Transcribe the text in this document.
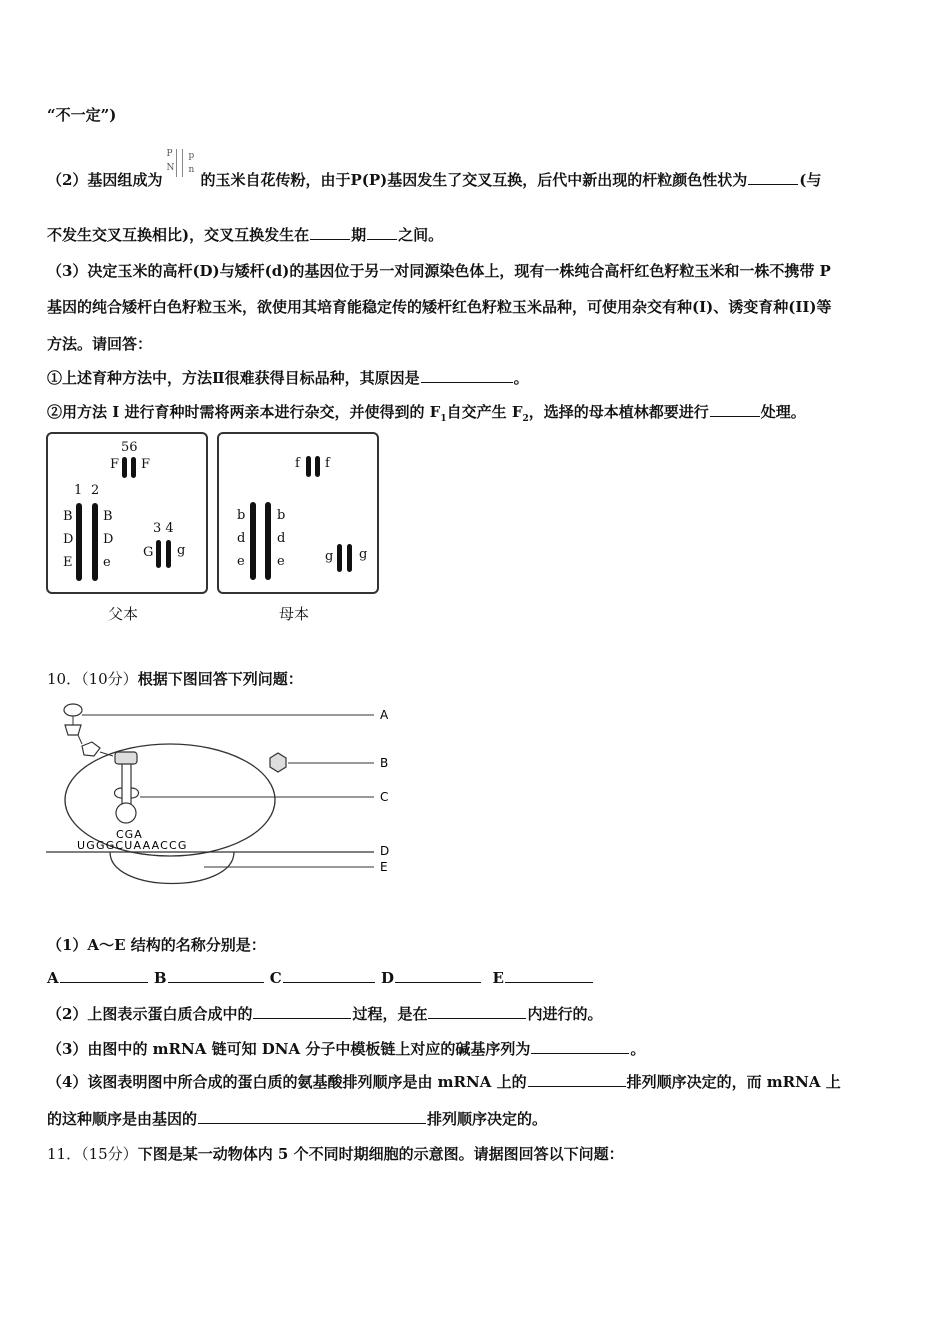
“不一定”)
（2）基因组成为
P
N
p
n
的玉米自花传粉，由于P(P)基因发生了交叉互换，后代中新出现的杆粒颜色性状为	(与
不发生交叉互换相比)，交叉互换发生在	期 之间。
（3）决定玉米的高杆(D)与矮杆(d)的基因位于另一对同源染色体上，现有一株纯合高杆红色籽粒玉米和一株不携带 P
基因的纯合矮杆白色籽粒玉米，欲使用其培育能稳定传的矮杆红色籽粒玉米品种，可使用杂交有种(I)、诱变育种(II)等
方法。请回答：
①上述育种方法中，方法Ⅱ很难获得目标品种，其原因是	。
②用方法 I 进行育种时需将两亲本进行杂交，并使得到的 $F_1$自交产生 $F_2$，选择的母本植林都要进行	处理。
56
F F
1 2
B
D
E
B
D
e
3 4
G g
父本
f f
b
d
e
b
d
e	g g
母本
10．（10分）根据下图回答下列问题：
A
C
CGA
B
UGGGCUAAACCG	D
E
（1）A～E 结构的名称分别是：
A	B	C	D	E
（2）上图表示蛋白质合成中的	过程，是在	内进行的。
（3）由图中的 mRNA 链可知 DNA 分子中模板链上对应的碱基序列为	。
（4）该图表明图中所合成的蛋白质的氨基酸排列顺序是由 mRNA 上的	排列顺序决定的，而 mRNA 上
的这种顺序是由基因的	排列顺序决定的。
11．（15分）下图是某一动物体内 5 个不同时期细胞的示意图。请据图回答以下问题：
